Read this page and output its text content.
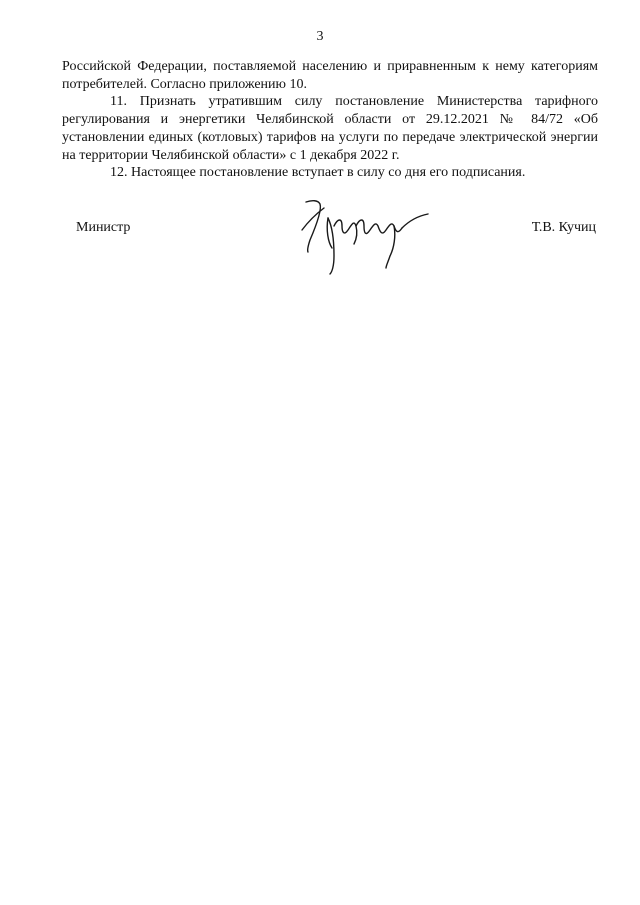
3

Российской Федерации, поставляемой населению и приравненным к нему категориям потребителей. Согласно приложению 10.

11. Признать утратившим силу постановление Министерства тарифного регулирования и энергетики Челябинской области от 29.12.2021 № 84/72 «Об установлении единых (котловых) тарифов на услуги по передаче электрической энергии на территории Челябинской области» с 1 декабря 2022 г.

12. Настоящее постановление вступает в силу со дня его подписания.

Министр	Т.В. Кучиц
